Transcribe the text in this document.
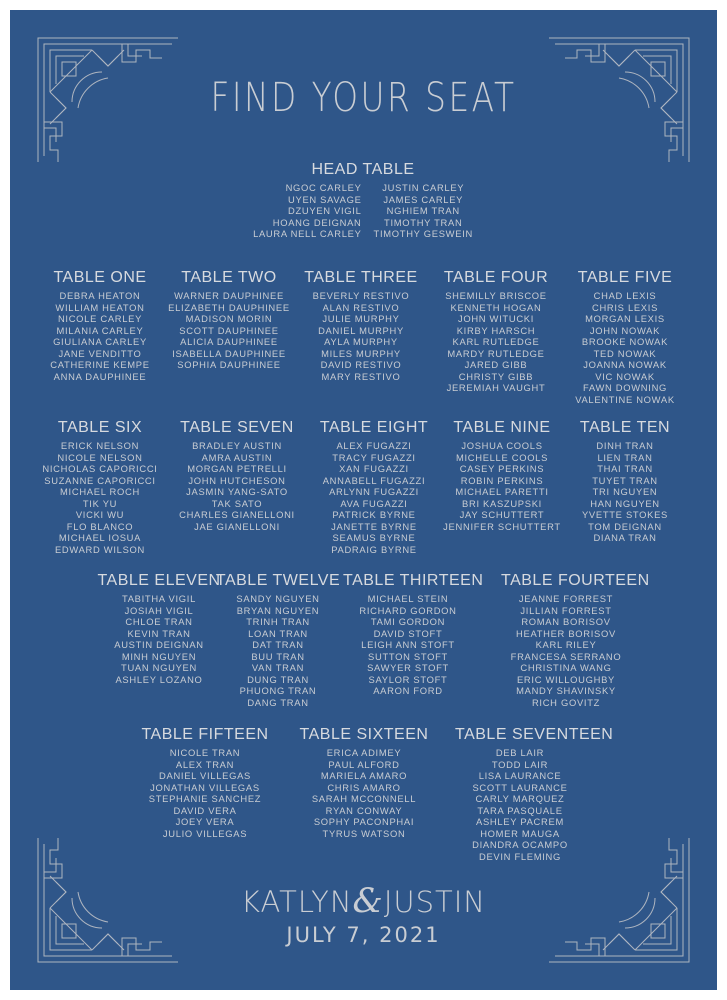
FIND YOUR SEAT
HEAD TABLE
NGOC CARLEY
UYEN SAVAGE
DZUYEN VIGIL
HOANG DEIGNAN
LAURA NELL CARLEY
JUSTIN CARLEY
JAMES CARLEY
NGHIEM TRAN
TIMOTHY TRAN
TIMOTHY GESWEIN
TABLE ONE
DEBRA HEATON
WILLIAM HEATON
NICOLE CARLEY
MILANIA CARLEY
GIULIANA CARLEY
JANE VENDITTO
CATHERINE KEMPE
ANNA DAUPHINEE
TABLE TWO
WARNER DAUPHINEE
ELIZABETH DAUPHINEE
MADISON MORIN
SCOTT DAUPHINEE
ALICIA DAUPHINEE
ISABELLA DAUPHINEE
SOPHIA DAUPHINEE
TABLE THREE
BEVERLY RESTIVO
ALAN RESTIVO
JULIE MURPHY
DANIEL MURPHY
AYLA MURPHY
MILES MURPHY
DAVID RESTIVO
MARY RESTIVO
TABLE FOUR
SHEMILLY BRISCOE
KENNETH HOGAN
JOHN WITUCKI
KIRBY HARSCH
KARL RUTLEDGE
MARDY RUTLEDGE
JARED GIBB
CHRISTY GIBB
JEREMIAH VAUGHT
TABLE FIVE
CHAD LEXIS
CHRIS LEXIS
MORGAN LEXIS
JOHN NOWAK
BROOKE NOWAK
TED NOWAK
JOANNA NOWAK
VIC NOWAK
FAWN DOWNING
VALENTINE NOWAK
TABLE SIX
ERICK NELSON
NICOLE NELSON
NICHOLAS CAPORICCI
SUZANNE CAPORICCI
MICHAEL ROCH
TIK YU
VICKI WU
FLO BLANCO
MICHAEL IOSUA
EDWARD WILSON
TABLE SEVEN
BRADLEY AUSTIN
AMRA AUSTIN
MORGAN PETRELLI
JOHN HUTCHESON
JASMIN YANG-SATO
TAK SATO
CHARLES GIANELLONI
JAE GIANELLONI
TABLE EIGHT
ALEX FUGAZZI
TRACY FUGAZZI
XAN FUGAZZI
ANNABELL FUGAZZI
ARLYNN FUGAZZI
AVA FUGAZZI
PATRICK BYRNE
JANETTE BYRNE
SEAMUS BYRNE
PADRAIG BYRNE
TABLE NINE
JOSHUA COOLS
MICHELLE COOLS
CASEY PERKINS
ROBIN PERKINS
MICHAEL PARETTI
BRI KASZUPSKI
JAY SCHUTTERT
JENNIFER SCHUTTERT
TABLE TEN
DINH TRAN
LIEN TRAN
THAI TRAN
TUYET TRAN
TRI NGUYEN
HAN NGUYEN
YVETTE STOKES
TOM DEIGNAN
DIANA TRAN
TABLE ELEVEN
TABITHA VIGIL
JOSIAH VIGIL
CHLOE TRAN
KEVIN TRAN
AUSTIN DEIGNAN
MINH NGUYEN
TUAN NGUYEN
ASHLEY LOZANO
TABLE TWELVE
SANDY NGUYEN
BRYAN NGUYEN
TRINH TRAN
LOAN TRAN
DAT TRAN
BUU TRAN
VAN TRAN
DUNG TRAN
PHUONG TRAN
DANG TRAN
TABLE THIRTEEN
MICHAEL STEIN
RICHARD GORDON
TAMI GORDON
DAVID STOFT
LEIGH ANN STOFT
SUTTON STOFT
SAWYER STOFT
SAYLOR STOFT
AARON FORD
TABLE FOURTEEN
JEANNE FORREST
JILLIAN FORREST
ROMAN BORISOV
HEATHER BORISOV
KARL RILEY
FRANCESA SERRANO
CHRISTINA WANG
ERIC WILLOUGHBY
MANDY SHAVINSKY
RICH GOVITZ
TABLE FIFTEEN
NICOLE TRAN
ALEX TRAN
DANIEL VILLEGAS
JONATHAN VILLEGAS
STEPHANIE SANCHEZ
DAVID VERA
JOEY VERA
JULIO VILLEGAS
TABLE SIXTEEN
ERICA ADIMEY
PAUL ALFORD
MARIELA AMARO
CHRIS AMARO
SARAH MCCONNELL
RYAN CONWAY
SOPHY PACONPHAI
TYRUS WATSON
TABLE SEVENTEEN
DEB LAIR
TODD LAIR
LISA LAURANCE
SCOTT LAURANCE
CARLY MARQUEZ
TARA PASQUALE
ASHLEY PACREM
HOMER MAUGA
DIANDRA OCAMPO
DEVIN FLEMING
KATLYN&JUSTIN
JULY 7, 2021
